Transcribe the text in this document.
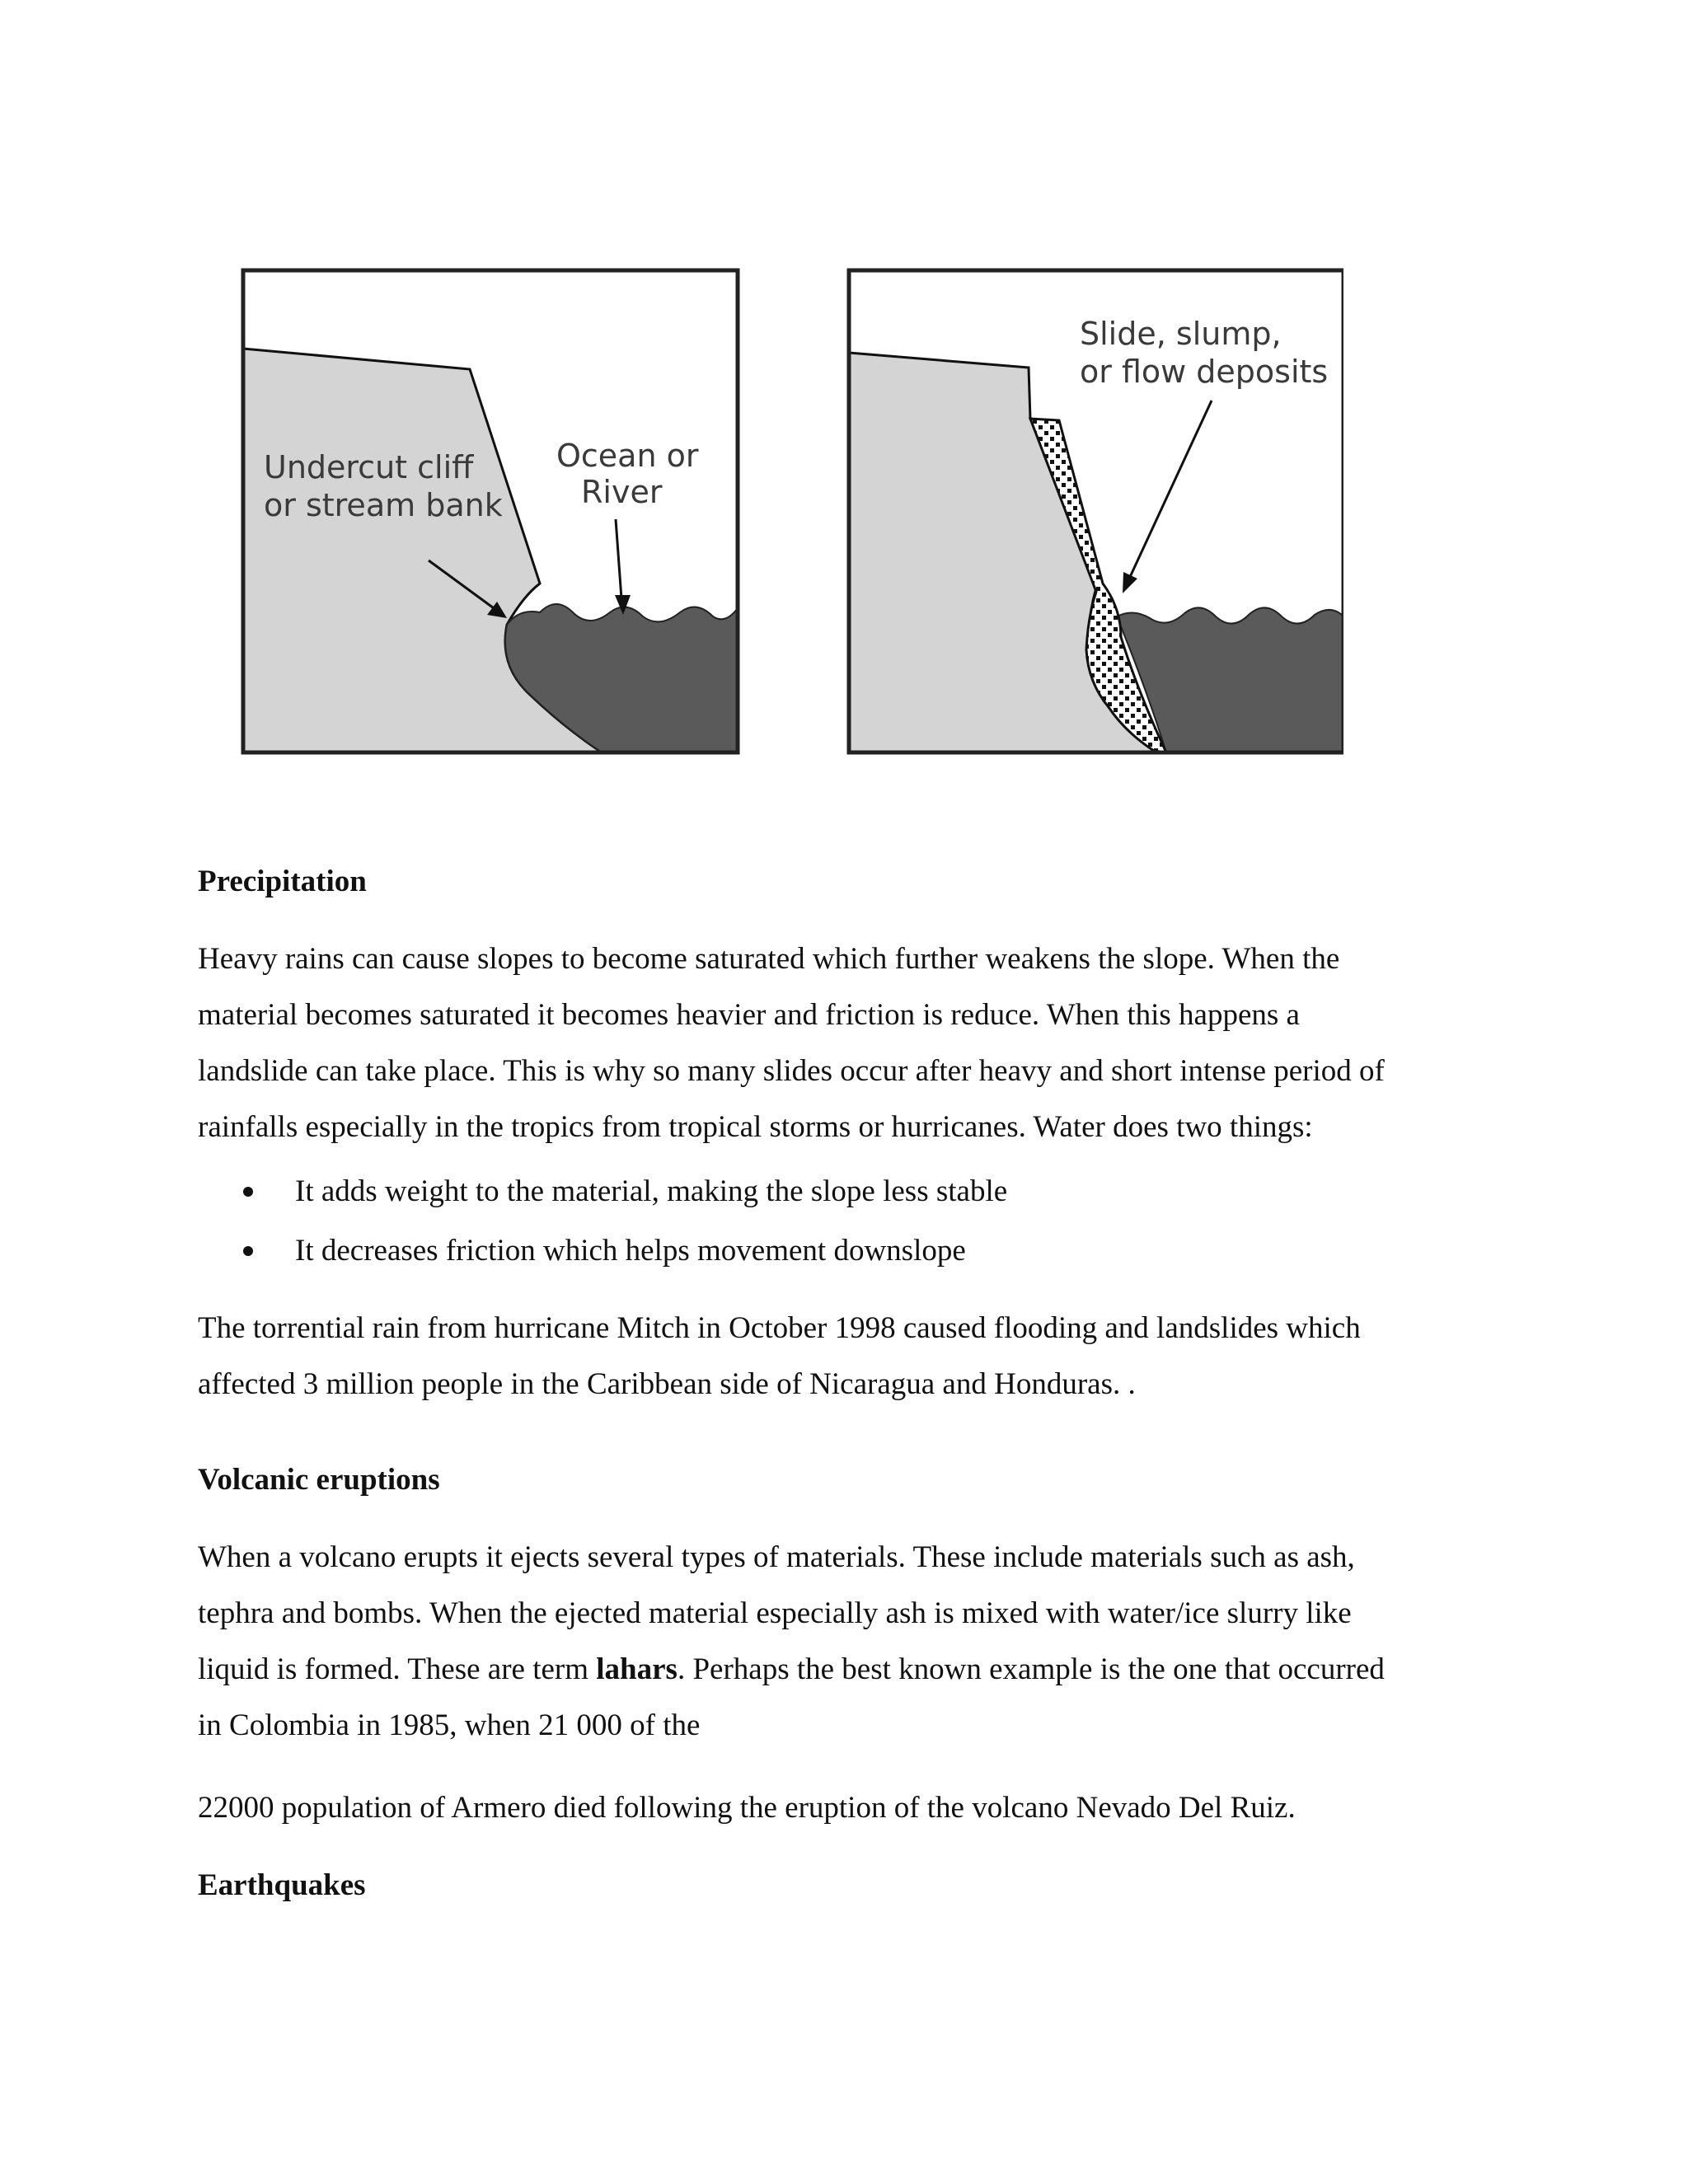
Undercut cliff
or stream bank
Ocean or
River
Slide, slump,
or flow deposits
Precipitation
Heavy rains can cause slopes to become saturated which further weakens the slope. When the
material becomes saturated it becomes heavier and friction is reduce. When this happens a
landslide can take place. This is why so many slides occur after heavy and short intense period of
rainfalls especially in the tropics from tropical storms or hurricanes. Water does two things:
It adds weight to the material, making the slope less stable
It decreases friction which helps movement downslope
The torrential rain from hurricane Mitch in October 1998 caused flooding and landslides which
affected 3 million people in the Caribbean side of Nicaragua and Honduras. .
Volcanic eruptions
When a volcano erupts it ejects several types of materials. These include materials such as ash,
tephra and bombs. When the ejected material especially ash is mixed with water/ice slurry like
liquid is formed. These are term lahars. Perhaps the best known example is the one that occurred
in Colombia in 1985, when 21 000 of the
22000 population of Armero died following the eruption of the volcano Nevado Del Ruiz.
Earthquakes
